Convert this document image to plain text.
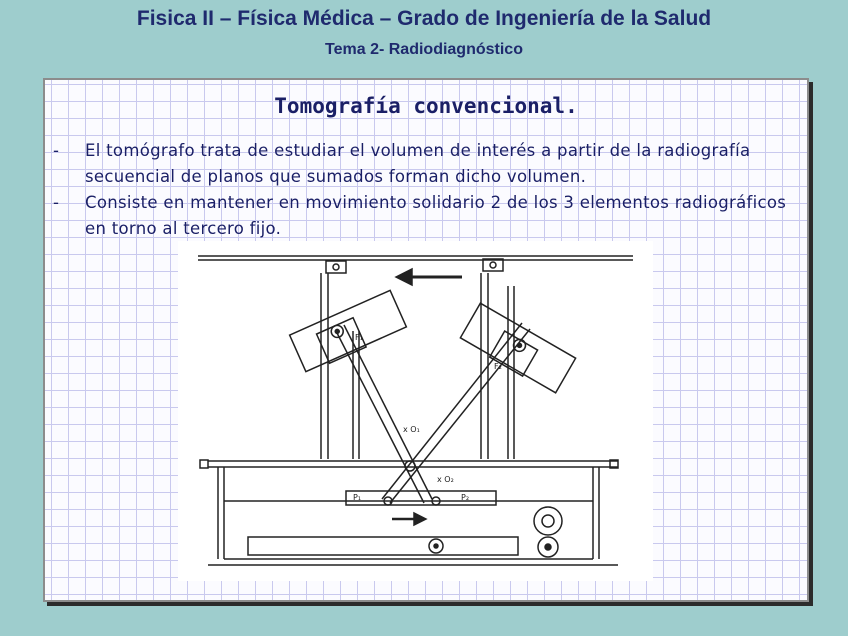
Fisica II – Física Médica – Grado de Ingeniería de la Salud
Tema 2- Radiodiagnóstico
Tomografía convencional.
- El tomógrafo trata de estudiar el volumen de interés a partir de la radiografía secuencial de planos que sumados forman dicho volumen.
- Consiste en mantener en movimiento solidario 2 de los 3 elementos radiográficos en torno al tercero fijo.
F₁
F₂
x O₁
x O₂
P₁	P₂
